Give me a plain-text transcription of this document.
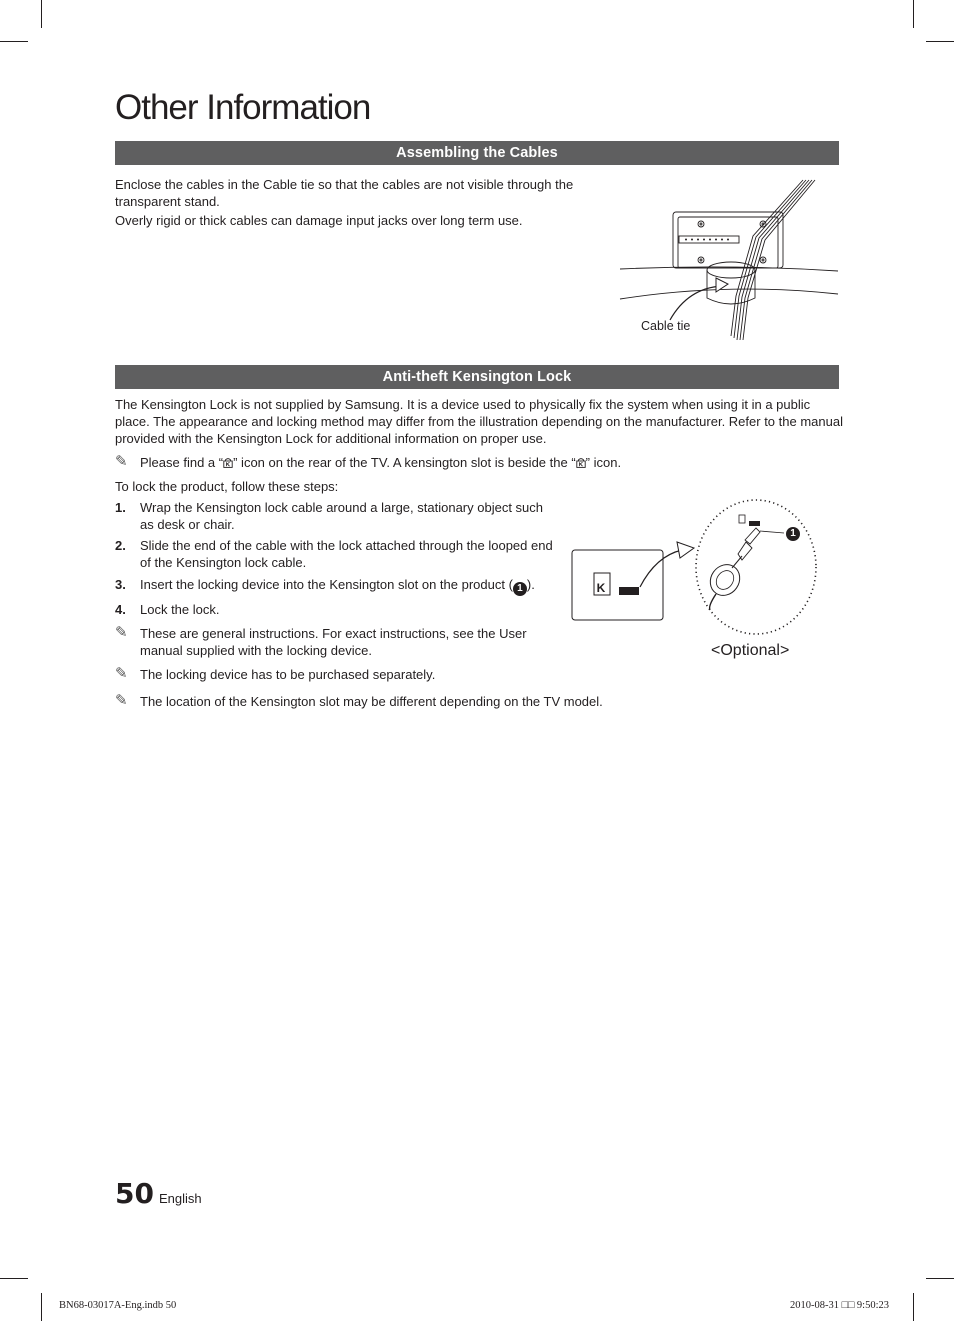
Other Information
Assembling the Cables

Enclose the cables in the Cable tie so that the cables are not visible through the transparent stand.

Overly rigid or thick cables can damage input jacks over long term use.

Cable tie
Anti-theft Kensington Lock

The Kensington Lock is not supplied by Samsung. It is a device used to physically fix the system when using it in a public place. The appearance and locking method may differ from the illustration depending on the manufacturer. Refer to the manual provided with the Kensington Lock for additional information on proper use.

✎ Please find a “ ” icon on the rear of the TV. A kensington slot is beside the “ ” icon.

To lock the product, follow these steps:

1. Wrap the Kensington lock cable around a large, stationary object such as desk or chair.
2. Slide the end of the cable with the lock attached through the looped end of the Kensington lock cable.
3. Insert the locking device into the Kensington slot on the product ( 1 ).
4. Lock the lock.
✎ These are general instructions. For exact instructions, see the User manual supplied with the locking device.

✎ The locking device has to be purchased separately.

✎ The location of the Kensington slot may be different depending on the TV model.

K
1
<Optional>
50 English
BN68-03017A-Eng.indb 50	2010-08-31 □□ 9:50:23
